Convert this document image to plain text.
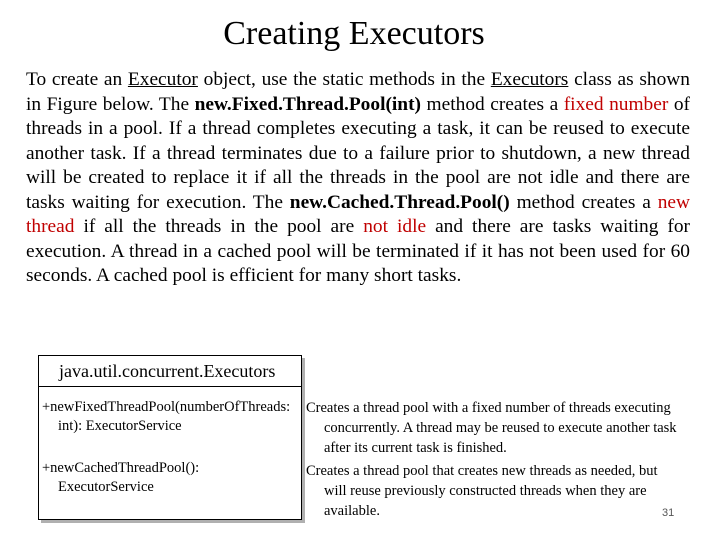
Creating Executors
To create an Executor object, use the static methods in the Executors class as shown in Figure below. The new.Fixed.Thread.Pool(int) method creates a fixed number of threads in a pool. If a thread completes executing a task, it can be reused to execute another task. If a thread terminates due to a failure prior to shutdown, a new thread will be created to replace it if all the threads in the pool are not idle and there are tasks waiting for execution. The new.Cached.Thread.Pool() method creates a new thread if all the threads in the pool are not idle and there are tasks waiting for execution. A thread in a cached pool will be terminated if it has not been used for 60 seconds. A cached pool is efficient for many short tasks.
java.util.concurrent.Executors
+newFixedThreadPool(numberOfThreads:
int): ExecutorService
+newCachedThreadPool():
ExecutorService
Creates a thread pool with a fixed number of threads executing
concurrently. A thread may be reused to execute another task
after its current task is finished.
Creates a thread pool that creates new threads as needed, but
will reuse previously constructed threads when they are
available.	31
